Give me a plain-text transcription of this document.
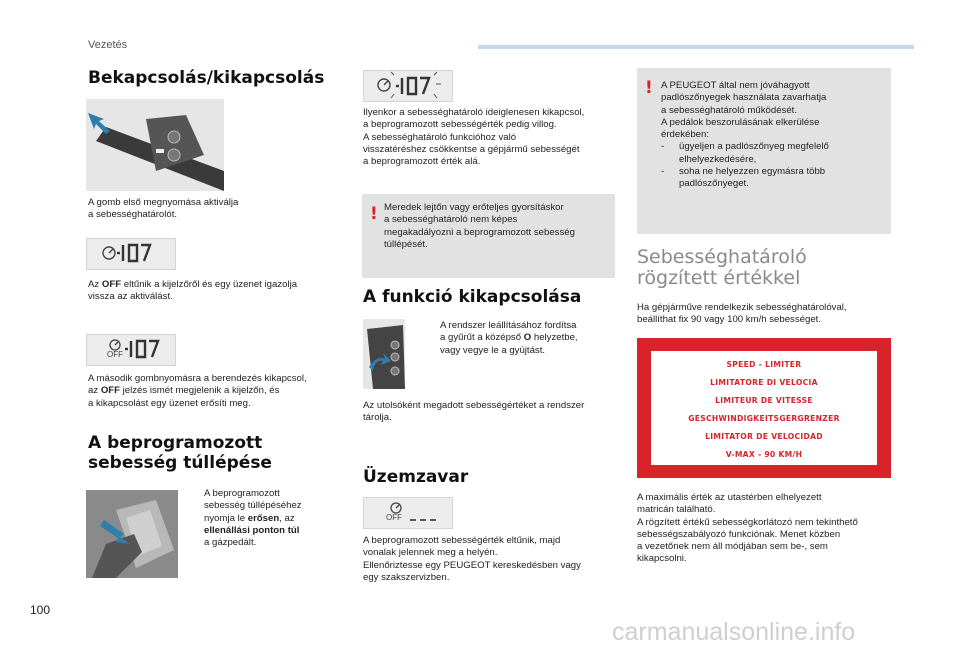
Vezetés
100
Bekapcsolás/kikapcsolás
A gomb első megnyomása aktiválja
a sebességhatárolót.
Az OFF eltűnik a kijelzőről és egy üzenet igazolja
vissza az aktiválást.
OFF
A második gombnyomásra a berendezés kikapcsol,
az OFF jelzés ismét megjelenik a kijelzőn, és
a kikapcsolást egy üzenet erősíti meg.
A beprogramozott
sebesség túllépése
A beprogramozott
sebesség túllépéséhez
nyomja le erősen, az
ellenállási ponton túl
a gázpedált.
Ilyenkor a sebességhatároló ideiglenesen kikapcsol,
a beprogramozott sebességérték pedig villog.
A sebességhatároló funkcióhoz való
visszatéréshez csökkentse a gépjármű sebességét
a beprogramozott érték alá.
! Meredek lejtőn vagy erőteljes gyorsításkor
a sebességhatároló nem képes
megakadályozni a beprogramozott sebesség
túllépését.
A funkció kikapcsolása
A rendszer leállításához fordítsa
a gyűrűt a középső O helyzetbe,
vagy vegye le a gyújtást.
Az utolsóként megadott sebességértéket a rendszer
tárolja.
Üzemzavar
OFF
A beprogramozott sebességérték eltűnik, majd
vonalak jelennek meg a helyén.
Ellenőriztesse egy PEUGEOT kereskedésben vagy
egy szakszervizben.
! A PEUGEOT által nem jóváhagyott
padlószőnyegek használata zavarhatja
a sebességhatároló működését.
A pedálok beszorulásának elkerülése
érdekében:
-	ügyeljen a padlószőnyeg megfelelő
elhelyezkedésére,
-	soha ne helyezzen egymásra több
padlószőnyeget.
Sebességhatároló
rögzített értékkel
Ha gépjárműve rendelkezik sebességhatárolóval,
beállíthat fix 90 vagy 100 km/h sebességet.
SPEED - LIMITER
LIMITATORE DI VELOCIA
LIMITEUR DE VITESSE
GESCHWINDIGKEITSGERGRENZER
LIMITATOR DE VELOCIDAD
V-MAX - 90 KM/H
A maximális érték az utastérben elhelyezett
matricán található.
A rögzített értékű sebességkorlátozó nem tekinthető
sebességszabályozó funkciónak. Menet közben
a vezetőnek nem áll módjában sem be-, sem
kikapcsolni.
carmanualsonline.info
